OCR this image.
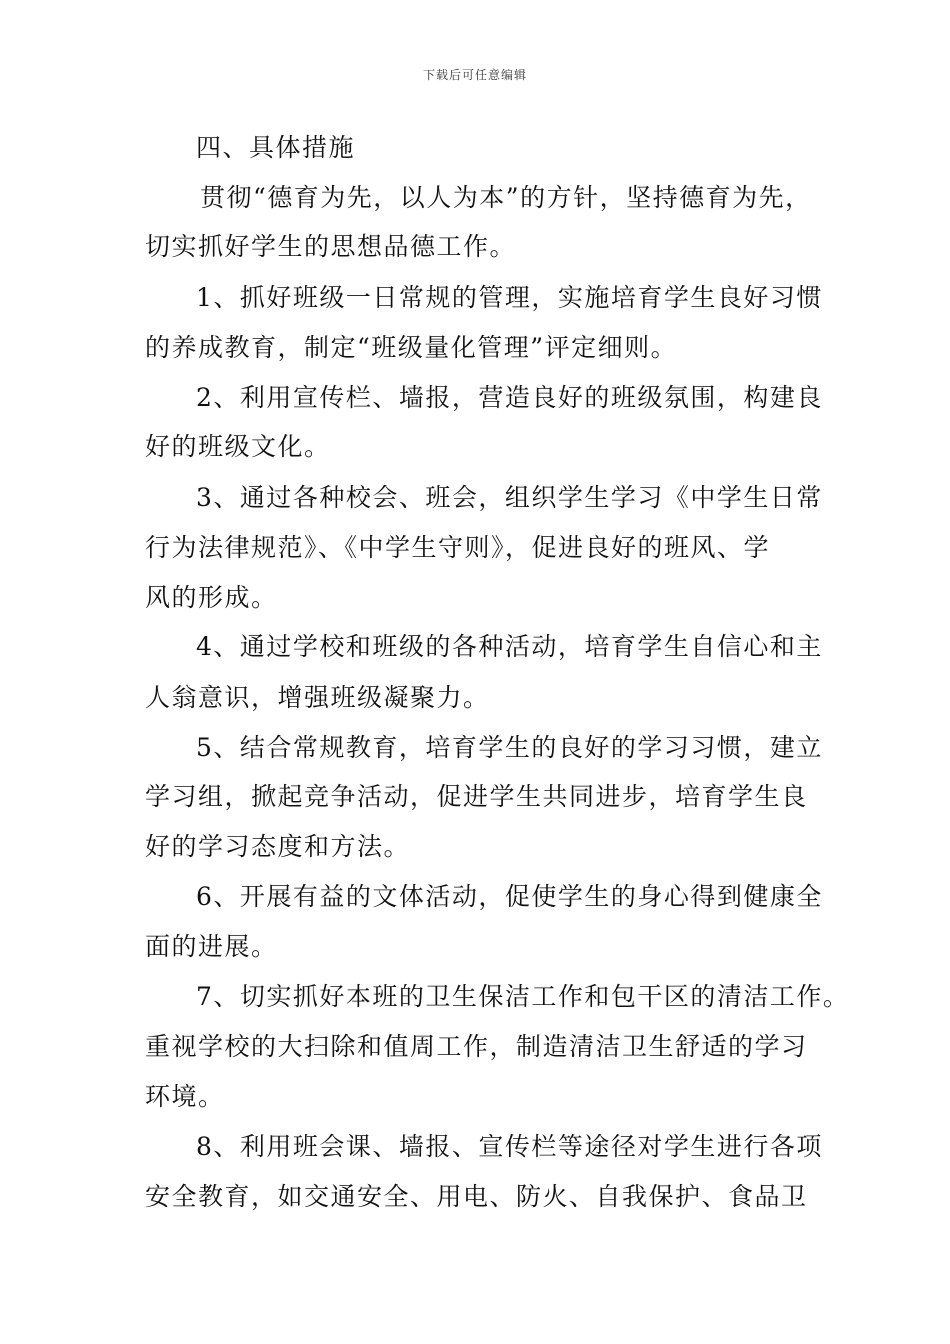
下载后可任意编辑
四、具体措施
贯彻“德育为先，以人为本”的方针，坚持德育为先，
切实抓好学生的思想品德工作。
1、抓好班级一日常规的管理，实施培育学生良好习惯
的养成教育，制定“班级量化管理”评定细则。
2、利用宣传栏、墙报，营造良好的班级氛围，构建良
好的班级文化。
3、通过各种校会、班会，组织学生学习《中学生日常
行为法律规范》、《中学生守则》，促进良好的班风、学
风的形成。
4、通过学校和班级的各种活动，培育学生自信心和主
人翁意识，增强班级凝聚力。
5、结合常规教育，培育学生的良好的学习习惯，建立
学习组，掀起竞争活动，促进学生共同进步，培育学生良
好的学习态度和方法。
6、开展有益的文体活动，促使学生的身心得到健康全
面的进展。
7、切实抓好本班的卫生保洁工作和包干区的清洁工作。
重视学校的大扫除和值周工作，制造清洁卫生舒适的学习
环境。
8、利用班会课、墙报、宣传栏等途径对学生进行各项
安全教育，如交通安全、用电、防火、自我保护、食品卫
